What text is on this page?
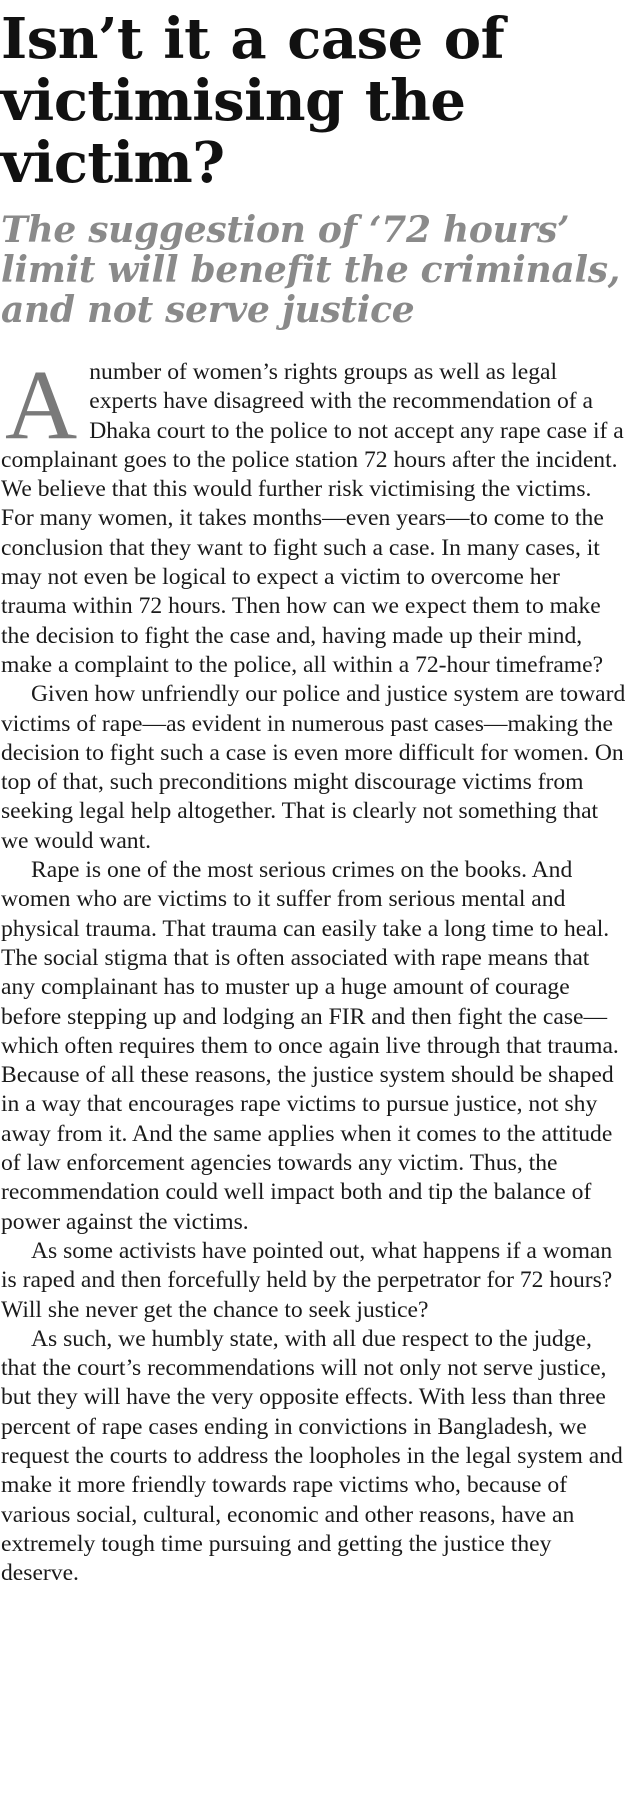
Isn’t it a case of victimising the victim?
The suggestion of ‘72 hours’ limit will benefit the criminals, and not serve justice

A number of women’s rights groups as well as legal experts have disagreed with the recommendation of a Dhaka court to the police to not accept any rape case if a complainant goes to the police station 72 hours after the incident. We believe that this would further risk victimising the victims. For many women, it takes months—even years—to come to the conclusion that they want to fight such a case. In many cases, it may not even be logical to expect a victim to overcome her trauma within 72 hours. Then how can we expect them to make the decision to fight the case and, having made up their mind, make a complaint to the police, all within a 72-hour timeframe?

Given how unfriendly our police and justice system are toward victims of rape—as evident in numerous past cases—making the decision to fight such a case is even more difficult for women. On top of that, such preconditions might discourage victims from seeking legal help altogether. That is clearly not something that we would want.

Rape is one of the most serious crimes on the books. And women who are victims to it suffer from serious mental and physical trauma. That trauma can easily take a long time to heal. The social stigma that is often associated with rape means that any complainant has to muster up a huge amount of courage before stepping up and lodging an FIR and then fight the case—which often requires them to once again live through that trauma. Because of all these reasons, the justice system should be shaped in a way that encourages rape victims to pursue justice, not shy away from it. And the same applies when it comes to the attitude of law enforcement agencies towards any victim. Thus, the recommendation could well impact both and tip the balance of power against the victims.

As some activists have pointed out, what happens if a woman is raped and then forcefully held by the perpetrator for 72 hours? Will she never get the chance to seek justice?

As such, we humbly state, with all due respect to the judge, that the court’s recommendations will not only not serve justice, but they will have the very opposite effects. With less than three percent of rape cases ending in convictions in Bangladesh, we request the courts to address the loopholes in the legal system and make it more friendly towards rape victims who, because of various social, cultural, economic and other reasons, have an extremely tough time pursuing and getting the justice they deserve.
